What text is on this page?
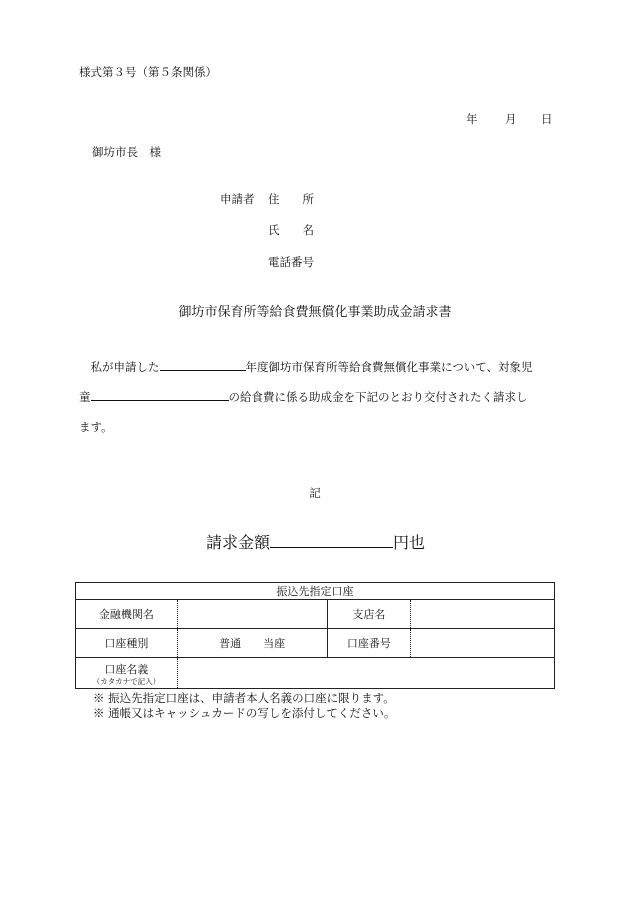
様式第３号（第５条関係）
年 月 日
御坊市長　様
申請者 住　　所
氏　　名
電話番号
御坊市保育所等給食費無償化事業助成金請求書
　私が申請した	年度御坊市保育所等給食費無償化事業について、対象児
童	の給食費に係る助成金を下記のとおり交付されたく請求し
ます。
記
請求金額	円也
振込先指定口座			
金融機関名		支店名	
口座種別	普通　　当座	口座番号	
口座名義
（カタカナで記入）			

※ 振込先指定口座は、申請者本人名義の口座に限ります。
※ 通帳又はキャッシュカードの写しを添付してください。
